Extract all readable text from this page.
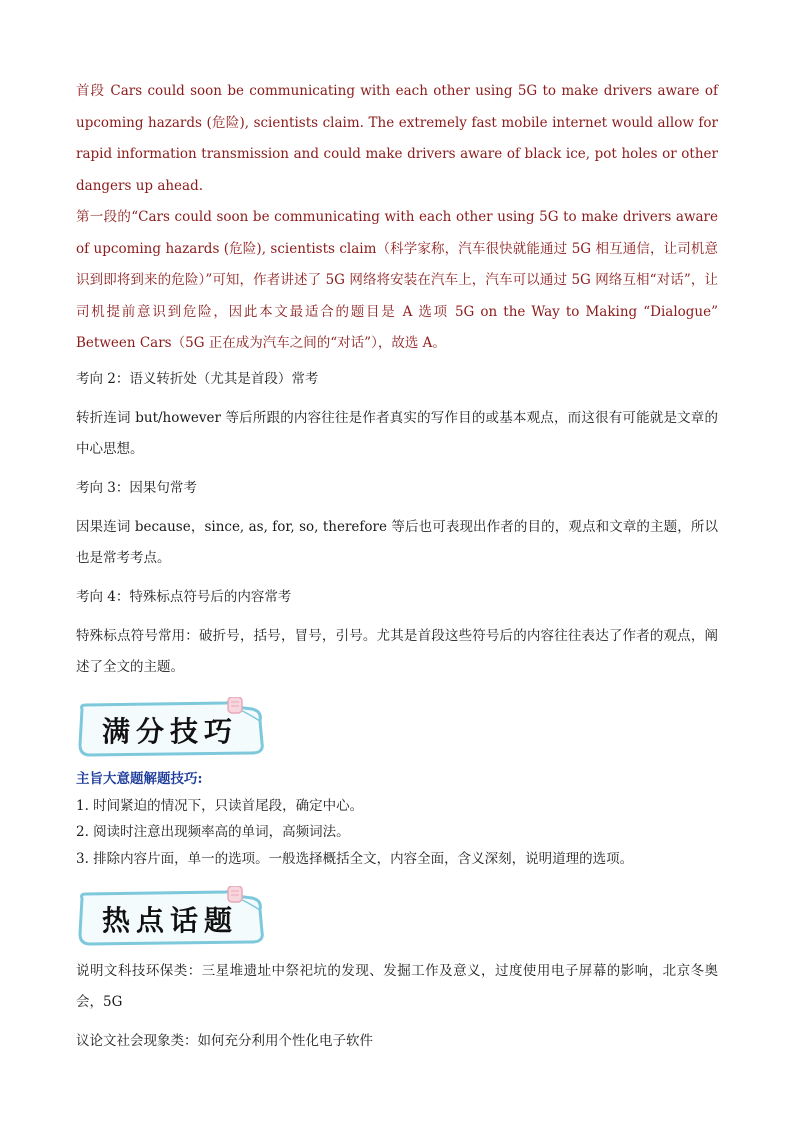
首段 Cars could soon be communicating with each other using 5G to make drivers aware of upcoming hazards (危险), scientists claim. The extremely fast mobile internet would allow for rapid information transmission and could make drivers aware of black ice, pot holes or other dangers up ahead.

第一段的“Cars could soon be communicating with each other using 5G to make drivers aware of upcoming hazards (危险), scientists claim（科学家称，汽车很快就能通过 5G 相互通信，让司机意识到即将到来的危险）”可知，作者讲述了 5G 网络将安装在汽车上，汽车可以通过 5G 网络互相“对话”，让司机提前意识到危险，因此本文最适合的题目是 A 选项 5G on the Way to Making “Dialogue” Between Cars（5G 正在成为汽车之间的“对话”），故选 A。

考向 2：语义转折处（尤其是首段）常考

转折连词 but/however 等后所跟的内容往往是作者真实的写作目的或基本观点，而这很有可能就是文章的中心思想。

考向 3：因果句常考

因果连词 because，since, as, for, so, therefore 等后也可表现出作者的目的，观点和文章的主题，所以也是常考考点。

考向 4：特殊标点符号后的内容常考

特殊标点符号常用：破折号，括号，冒号，引号。尤其是首段这些符号后的内容往往表达了作者的观点，阐述了全文的主题。

满分技巧

主旨大意题解题技巧:

1. 时间紧迫的情况下，只读首尾段，确定中心。

2. 阅读时注意出现频率高的单词，高频词法。

3. 排除内容片面，单一的选项。一般选择概括全文，内容全面，含义深刻，说明道理的选项。

热点话题

说明文科技环保类：三星堆遗址中祭祀坑的发现、发掘工作及意义，过度使用电子屏幕的影响，北京冬奥会，5G

议论文社会现象类：如何充分利用个性化电子软件
